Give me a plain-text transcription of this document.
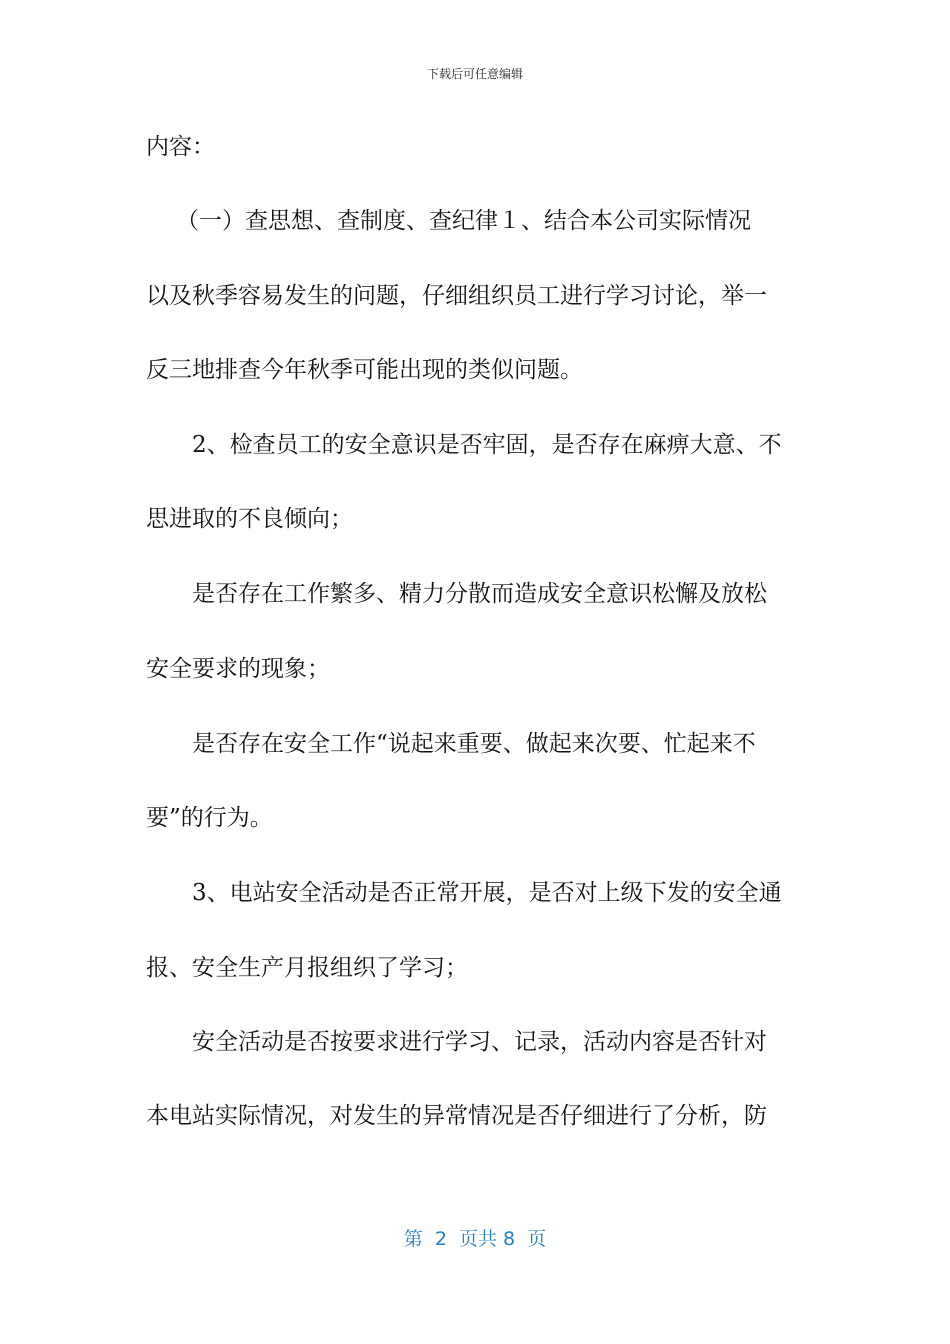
下载后可任意编辑
内容：
（一）查思想、查制度、查纪律１、结合本公司实际情况
以及秋季容易发生的问题，仔细组织员工进行学习讨论，举一
反三地排查今年秋季可能出现的类似问题。
2、检查员工的安全意识是否牢固，是否存在麻痹大意、不
思进取的不良倾向；
是否存在工作繁多、精力分散而造成安全意识松懈及放松
安全要求的现象；
是否存在安全工作“说起来重要、做起来次要、忙起来不
要”的行为。
3、电站安全活动是否正常开展，是否对上级下发的安全通
报、安全生产月报组织了学习；
安全活动是否按要求进行学习、记录，活动内容是否针对
本电站实际情况，对发生的异常情况是否仔细进行了分析，防
第  2  页共 8  页
